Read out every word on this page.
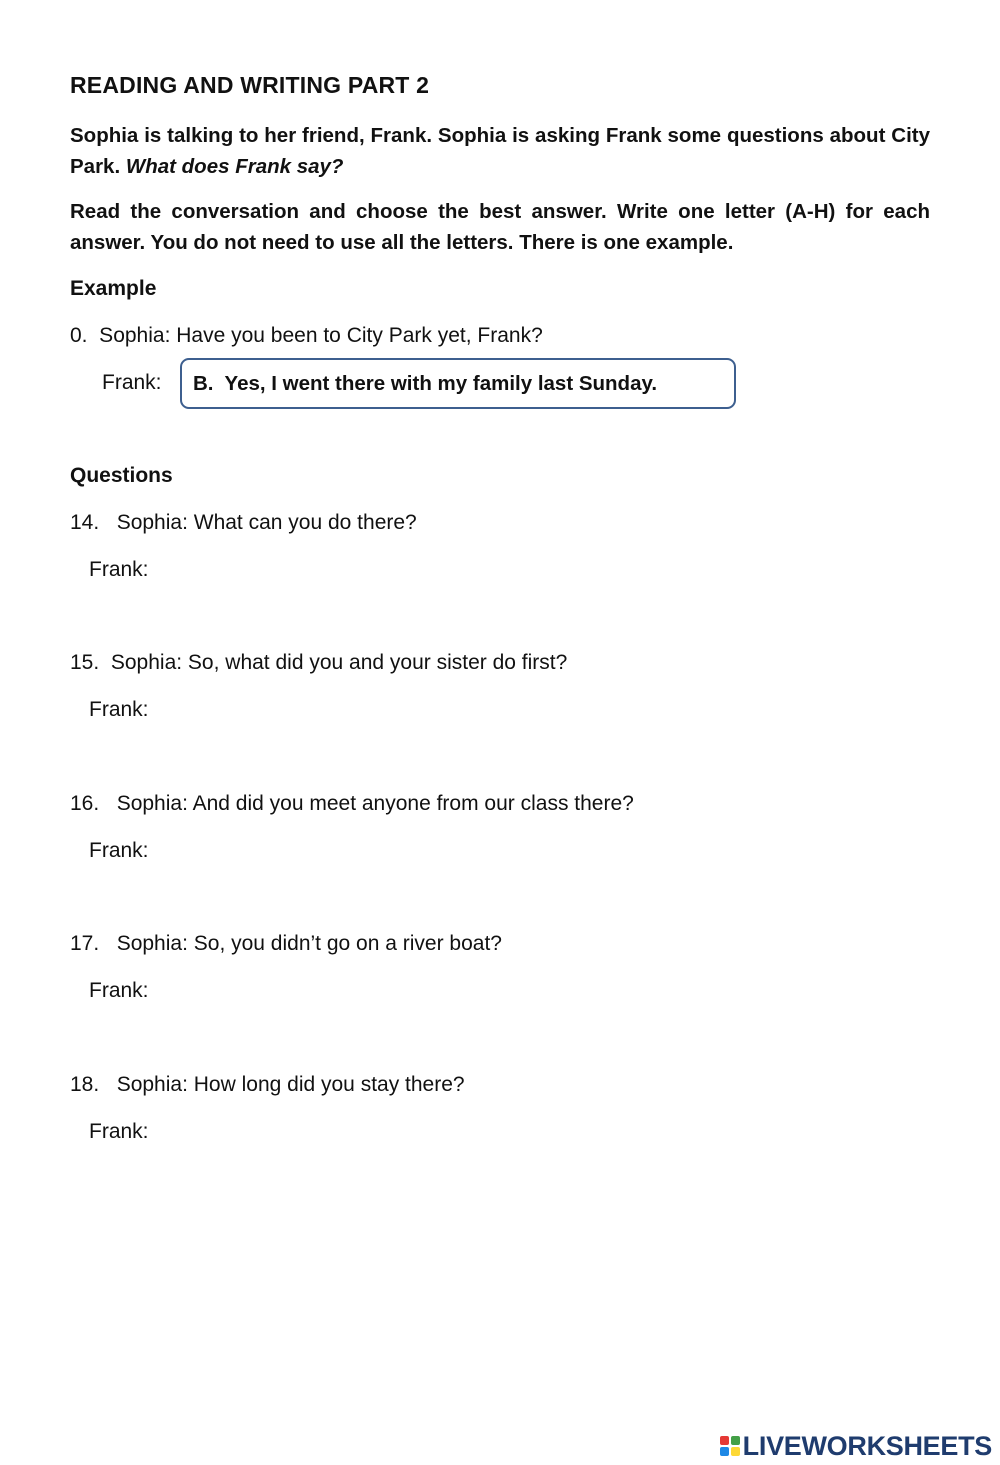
READING AND WRITING PART 2
Sophia is talking to her friend, Frank. Sophia is asking Frank some questions about City Park. What does Frank say?
Read the conversation and choose the best answer. Write one letter (A-H) for each answer. You do not need to use all the letters. There is one example.
Example
0.  Sophia: Have you been to City Park yet, Frank?
Frank: B.  Yes, I went there with my family last Sunday.
Questions
14.   Sophia: What can you do there?
Frank:
15.  Sophia: So, what did you and your sister do first?
Frank:
16.   Sophia: And did you meet anyone from our class there?
Frank:
17.   Sophia: So, you didn’t go on a river boat?
Frank:
18.   Sophia: How long did you stay there?
Frank:
LIVEWORKSHEETS
